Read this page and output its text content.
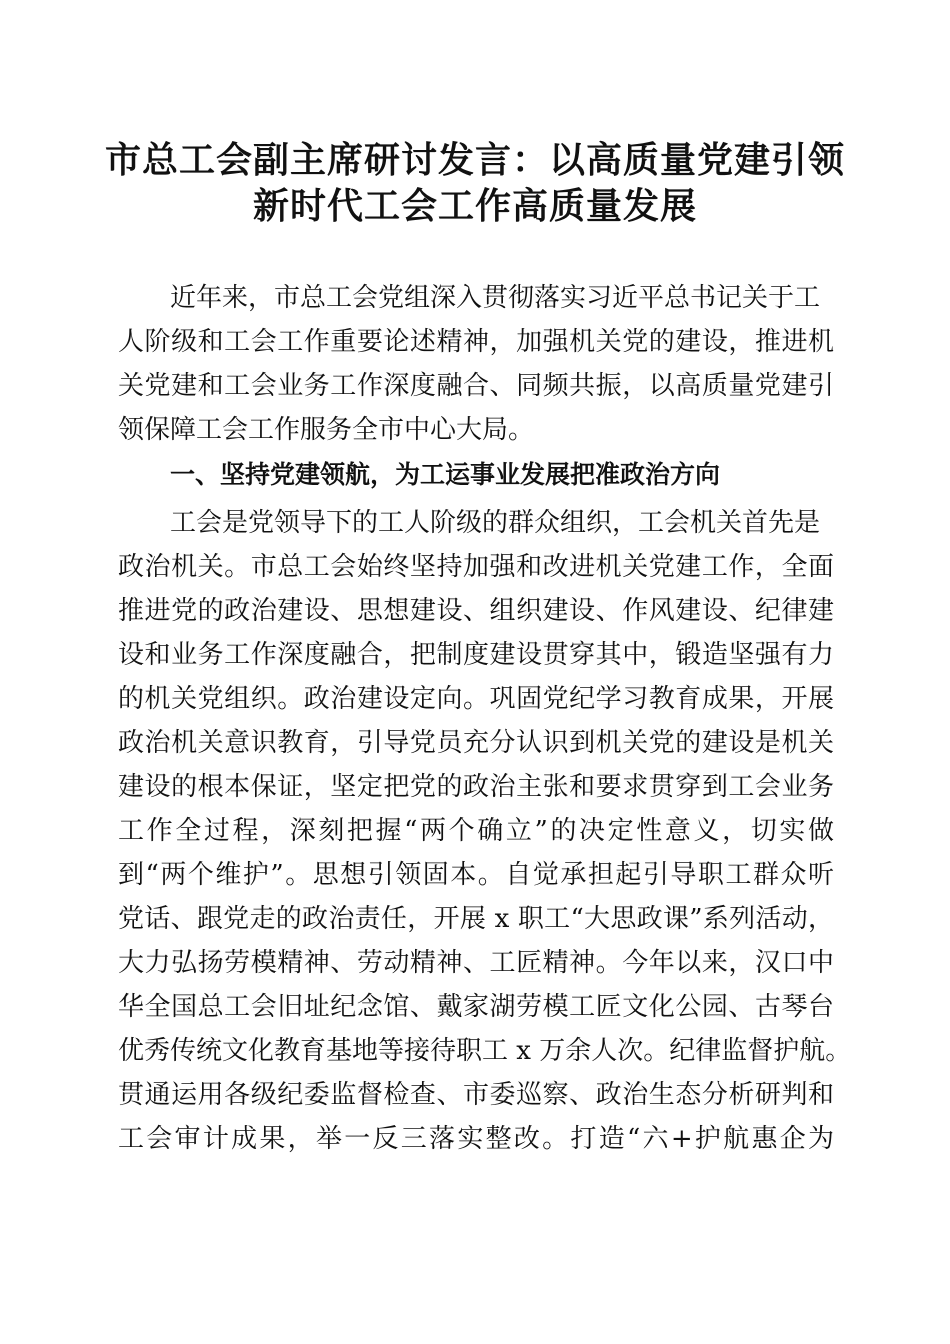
市总工会副主席研讨发言：以高质量党建引领
新时代工会工作高质量发展
近年来，市总工会党组深入贯彻落实习近平总书记关于工
人阶级和工会工作重要论述精神，加强机关党的建设，推进机
关党建和工会业务工作深度融合、同频共振，以高质量党建引
领保障工会工作服务全市中心大局。
一、坚持党建领航，为工运事业发展把准政治方向
工会是党领导下的工人阶级的群众组织，工会机关首先是
政治机关。市总工会始终坚持加强和改进机关党建工作，全面
推进党的政治建设、思想建设、组织建设、作风建设、纪律建
设和业务工作深度融合，把制度建设贯穿其中，锻造坚强有力
的机关党组织。政治建设定向。巩固党纪学习教育成果，开展
政治机关意识教育，引导党员充分认识到机关党的建设是机关
建设的根本保证，坚定把党的政治主张和要求贯穿到工会业务
工作全过程，深刻把握“两个确立”的决定性意义，切实做
到“两个维护”。思想引领固本。自觉承担起引导职工群众听
党话、跟党走的政治责任，开展 x 职工“大思政课”系列活动，
大力弘扬劳模精神、劳动精神、工匠精神。今年以来，汉口中
华全国总工会旧址纪念馆、戴家湖劳模工匠文化公园、古琴台
优秀传统文化教育基地等接待职工 x 万余人次。纪律监督护航。
贯通运用各级纪委监督检查、市委巡察、政治生态分析研判和
工会审计成果，举一反三落实整改。打造“六+护航惠企为
